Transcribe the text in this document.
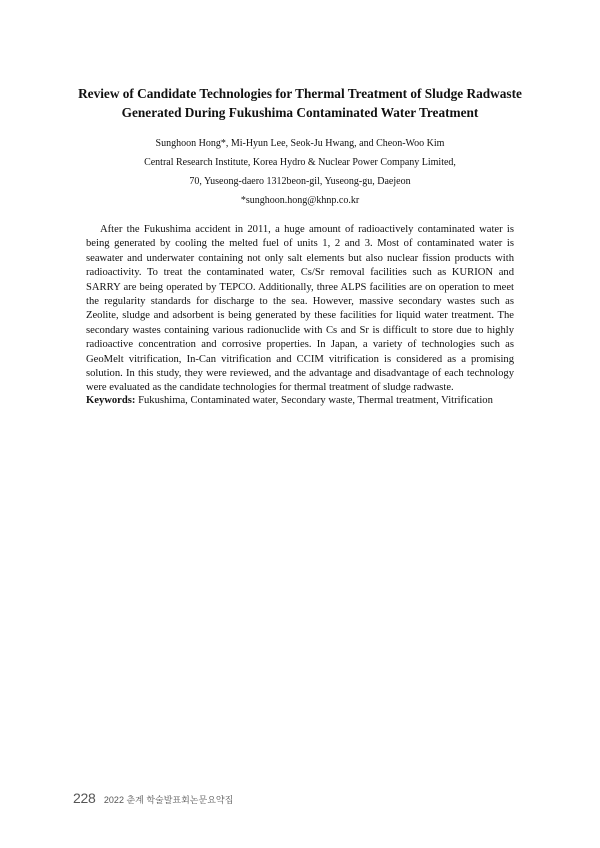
Review of Candidate Technologies for Thermal Treatment of Sludge Radwaste
Generated During Fukushima Contaminated Water Treatment
Sunghoon Hong*, Mi-Hyun Lee, Seok-Ju Hwang, and Cheon-Woo Kim
Central Research Institute, Korea Hydro & Nuclear Power Company Limited,
70, Yuseong-daero 1312beon-gil, Yuseong-gu, Daejeon
*sunghoon.hong@khnp.co.kr

After the Fukushima accident in 2011, a huge amount of radioactively contaminated water is being generated by cooling the melted fuel of units 1, 2 and 3. Most of contaminated water is seawater and underwater containing not only salt elements but also nuclear fission products with radioactivity. To treat the contaminated water, Cs/Sr removal facilities such as KURION and SARRY are being operated by TEPCO. Additionally, three ALPS facilities are on operation to meet the regularity standards for discharge to the sea. However, massive secondary wastes such as Zeolite, sludge and adsorbent is being generated by these facilities for liquid water treatment. The secondary wastes containing various radionuclide with Cs and Sr is difficult to store due to highly radioactive concentration and corrosive properties. In Japan, a variety of technologies such as GeoMelt vitrification, In-Can vitrification and CCIM vitrification is considered as a promising solution. In this study, they were reviewed, and the advantage and disadvantage of each technology were evaluated as the candidate technologies for thermal treatment of sludge radwaste.

Keywords: Fukushima, Contaminated water, Secondary waste, Thermal treatment, Vitrification
228 2022 춘계 학술발표회논문요약집
